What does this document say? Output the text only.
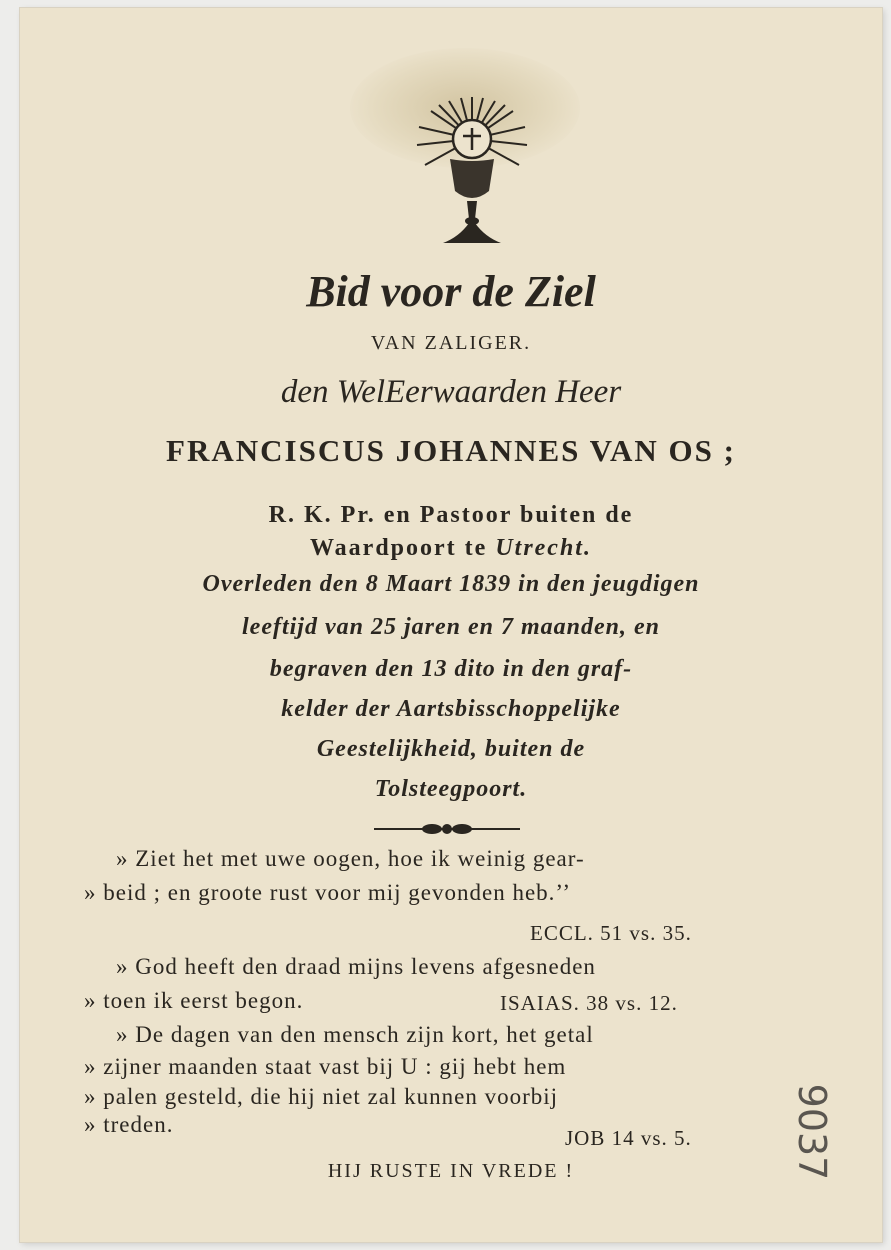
Bid voor de Ziel
VAN ZALIGER.
den WelEerwaarden Heer
FRANCISCUS JOHANNES VAN OS ;
R. K. Pr. en Pastoor buiten de
Waardpoort te Utrecht.
Overleden den 8 Maart 1839 in den jeugdigen
leeftijd van 25 jaren en 7 maanden, en
begraven den 13 dito in den graf-
kelder der Aartsbisschoppelijke
Geestelijkheid, buiten de
Tolsteegpoort.
» Ziet het met uwe oogen, hoe ik weinig gear-
» beid ; en groote rust voor mij gevonden heb.’’
ECCL. 51 vs. 35.
» God heeft den draad mijns levens afgesneden
» toen ik eerst begon.	ISAIAS. 38 vs. 12.
» De dagen van den mensch zijn kort, het getal
» zijner maanden staat vast bij U : gij hebt hem
» palen gesteld, die hij niet zal kunnen voorbij
» treden.
JOB 14 vs. 5.
HIJ RUSTE IN VREDE !	9037
